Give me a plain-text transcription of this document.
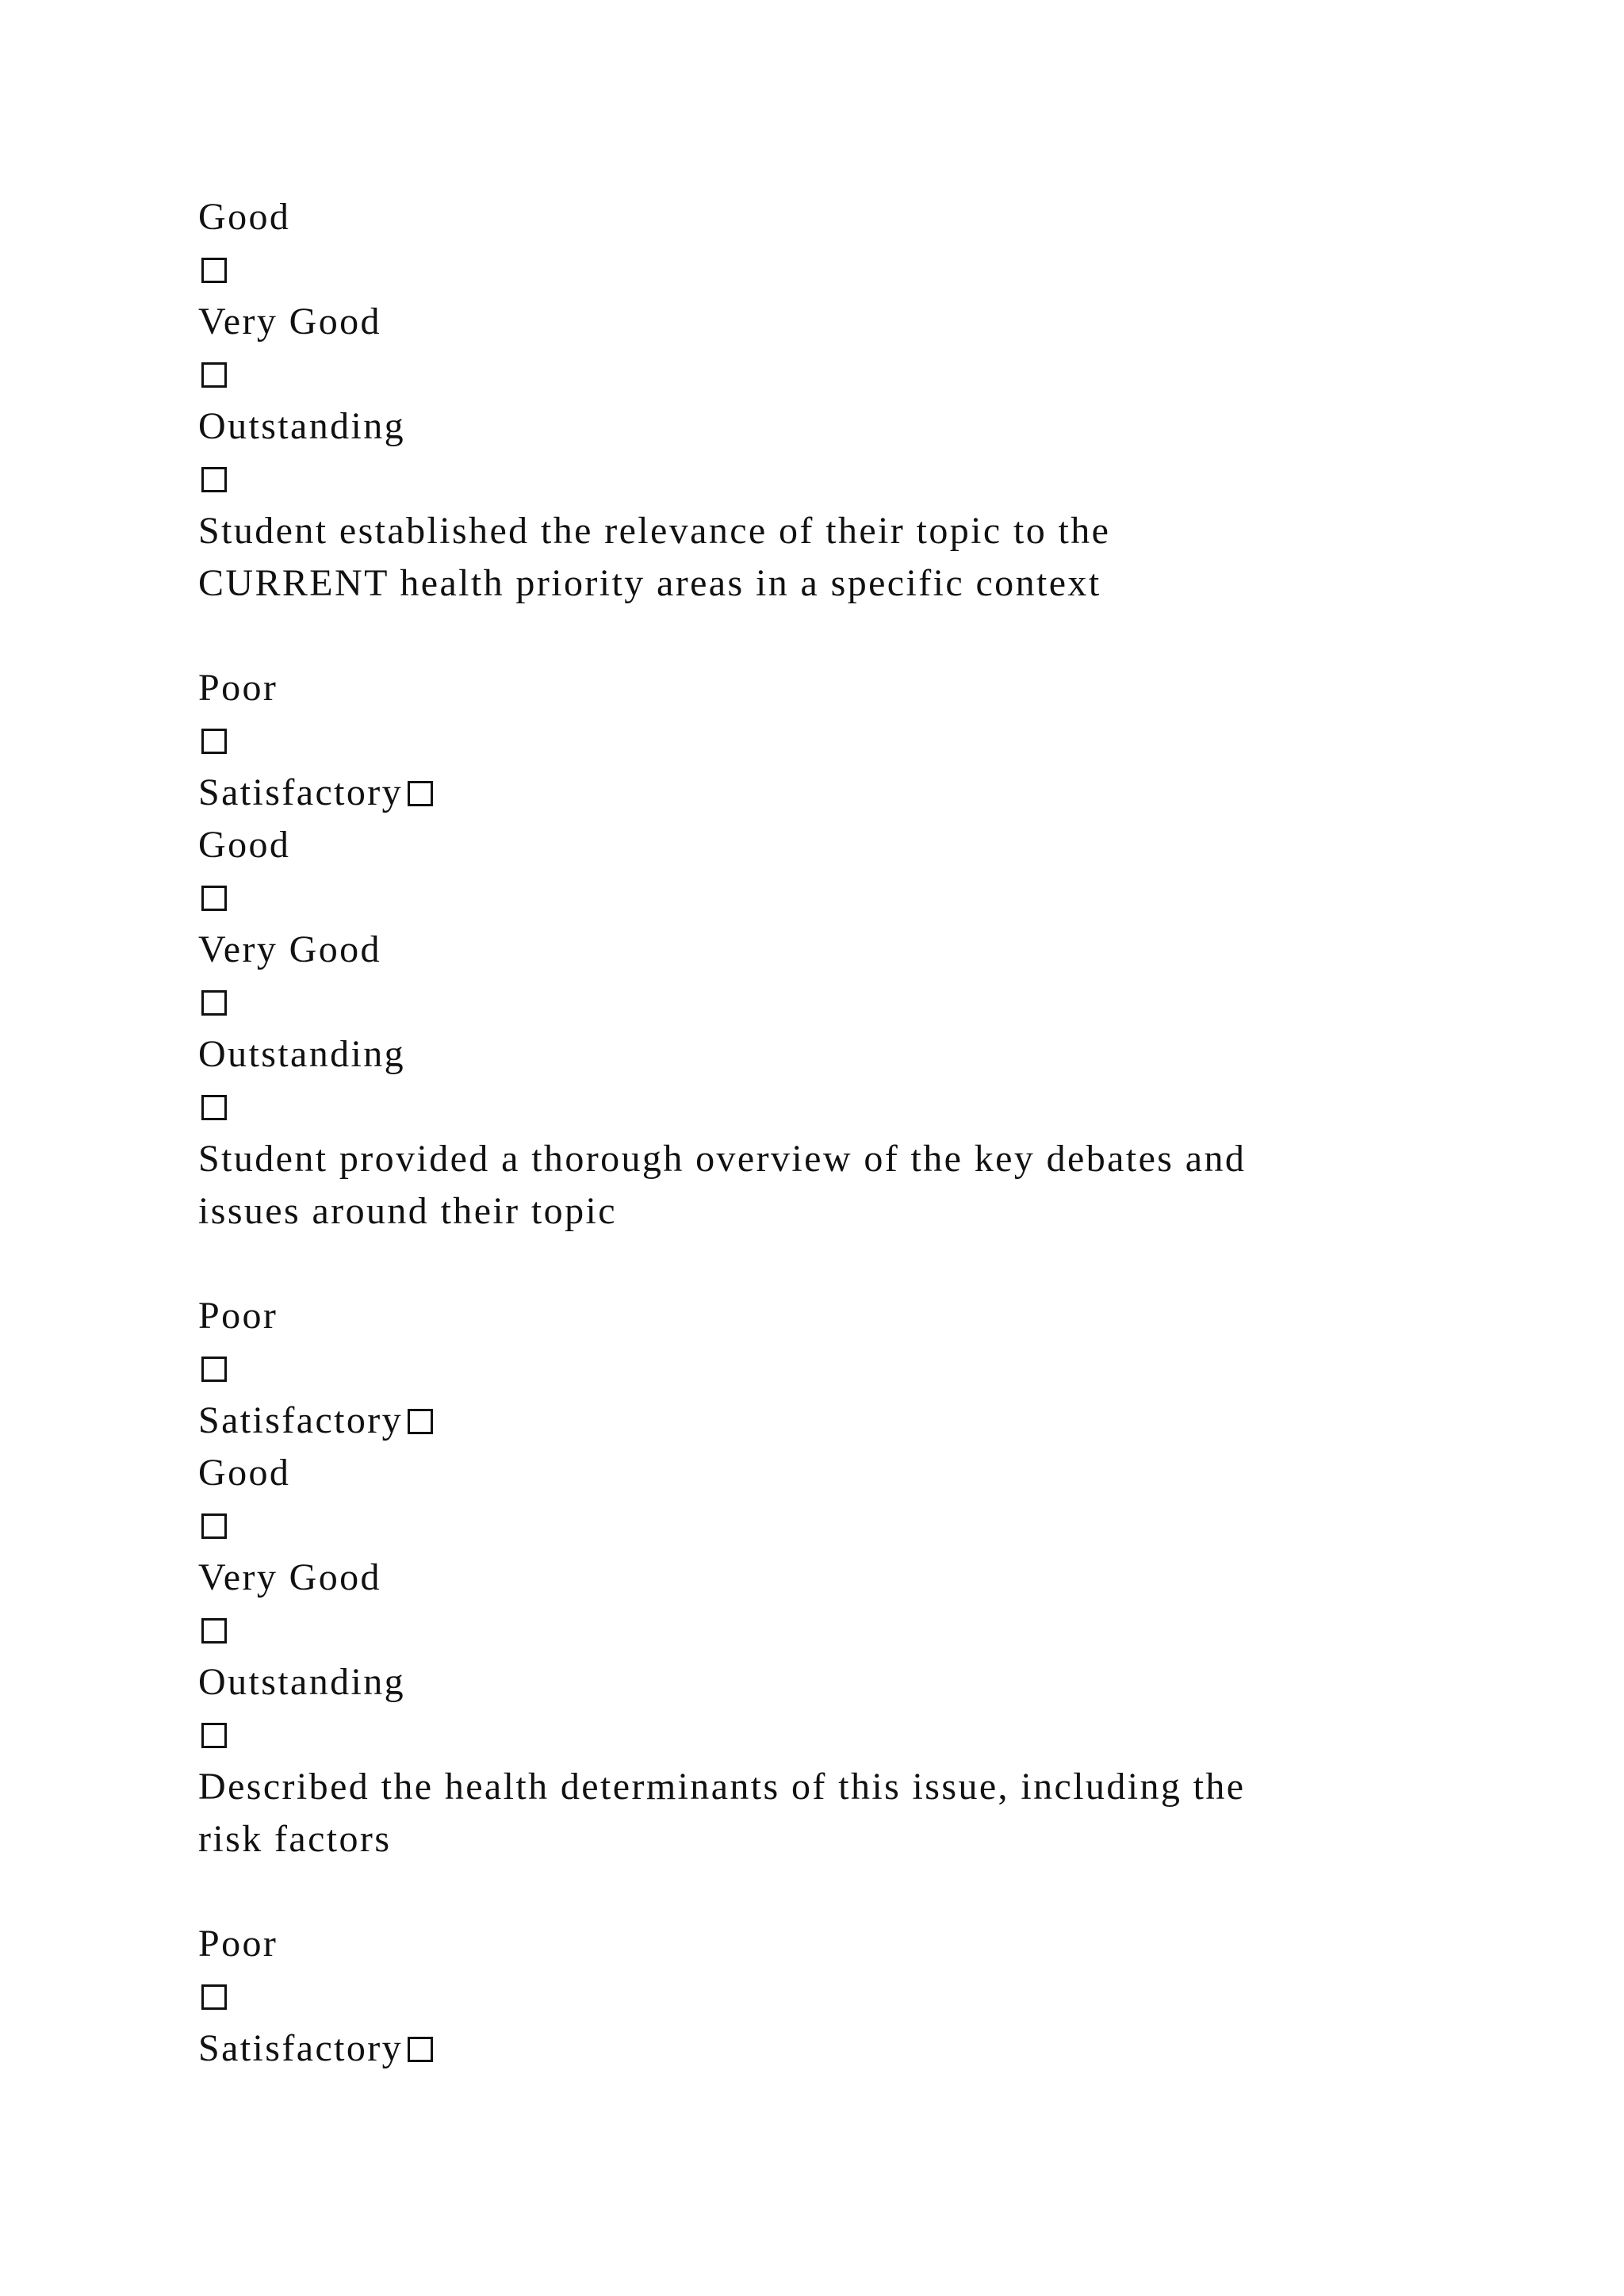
Good
Very Good
Outstanding
Student established the relevance of their topic to the
CURRENT health priority areas in a specific context
Poor
Satisfactory
Good
Very Good
Outstanding
Student provided a thorough overview of the key debates and
issues around their topic
Poor
Satisfactory
Good
Very Good
Outstanding
Described the health determinants of this issue, including the
risk factors
Poor
Satisfactory
